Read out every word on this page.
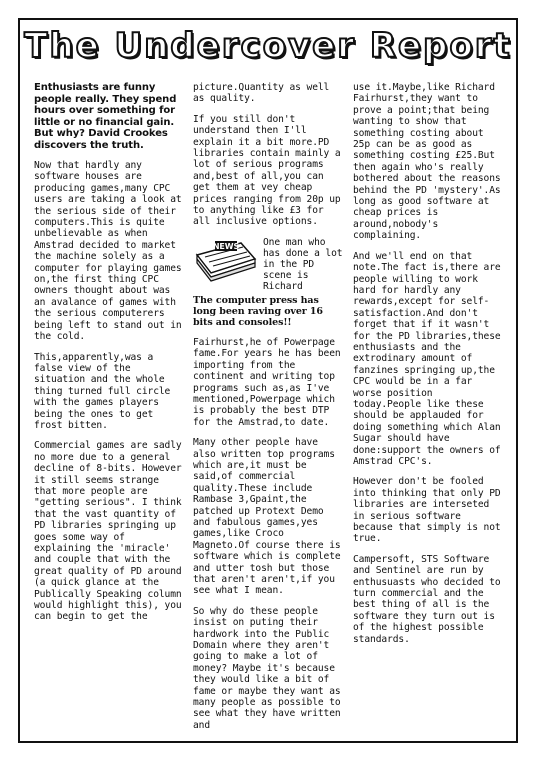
The Undercover Report

Enthusiasts are funny people really. They spend hours over something for little or no financial gain. But why? David Crookes discovers the truth.

Now that hardly any software houses are producing games,many CPC users are taking a look at the serious side of their computers.This is quite unbelievable as when Amstrad decided to market the machine solely as a computer for playing games on,the first thing CPC owners thought about was an avalance of games with the serious computerers being left to stand out in the cold.

This,apparently,was a false view of the situation and the whole thing turned full circle with the games players being the ones to get frost bitten.

Commercial games are sadly no more due to a general decline of 8-bits. However it still seems strange that more people are "getting serious". I think that the vast quantity of PD libraries springing up goes some way of explaining the 'miracle' and couple that with the great quality of PD around (a quick glance at the Publically Speaking column would highlight this), you can begin to get the

picture.Quantity as well as quality.

If you still don't understand then I'll explain it a bit more.PD libraries contain mainly a lot of serious programs and,best of all,you can get them at vey cheap prices ranging from 20p up to anything like £3 for all inclusive options.

NEWS One man who has done a lot in the PD scene is Richard

The computer press has long been raving over 16 bits and consoles!!

Fairhurst,he of Powerpage fame.For years he has been importing from the continent and writing top programs such as,as I've mentioned,Powerpage which is probably the best DTP for the Amstrad,to date.

Many other people have also written top programs which are,it must be said,of commercial quality.These include Rambase 3,Gpaint,the patched up Protext Demo and fabulous games,yes games,like Croco Magneto.Of course there is software which is complete and utter tosh but those that aren't aren't,if you see what I mean.

So why do these people insist on puting their hardwork into the Public Domain where they aren't going to make a lot of money? Maybe it's because they would like a bit of fame or maybe they want as many people as possible to see what they have written and

use it.Maybe,like Richard Fairhurst,they want to prove a point;that being wanting to show that something costing about 25p can be as good as something costing £25.But then again who's really bothered about the reasons behind the PD 'mystery'.As long as good software at cheap prices is around,nobody's complaining.

And we'll end on that note.The fact is,there are people willing to work hard for hardly any rewards,except for self-satisfaction.And don't forget that if it wasn't for the PD libraries,these enthusiasts and the extrodinary amount of fanzines springing up,the CPC would be in a far worse position today.People like these should be applauded for doing something which Alan Sugar should have done:support the owners of Amstrad CPC's.

However don't be fooled into thinking that only PD libraries are interseted in serious software because that simply is not true.

Campersoft, STS Software and Sentinel are run by enthusuasts who decided to turn commercial and the best thing of all is the software they turn out is of the highest possible standards.
